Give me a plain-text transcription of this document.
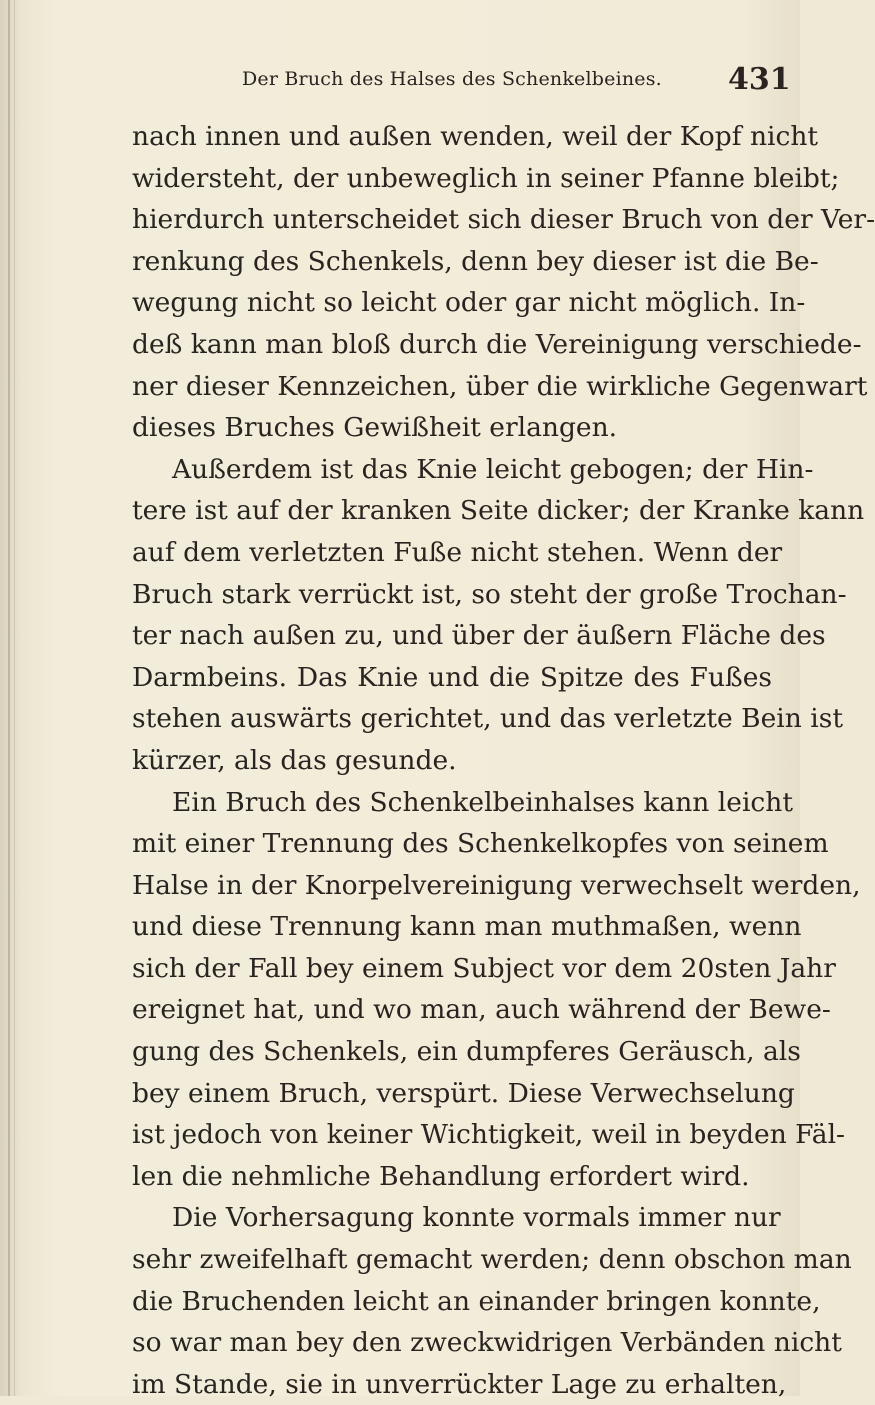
Der Bruch des Halses des Schenkelbeines.	431
nach innen und außen wenden, weil der Kopf nicht
widersteht, der unbeweglich in seiner Pfanne bleibt;
hierdurch unterscheidet sich dieser Bruch von der Ver-
renkung des Schenkels, denn bey dieser ist die Be-
wegung nicht so leicht oder gar nicht möglich. In-
deß kann man bloß durch die Vereinigung verschiede-
ner dieser Kennzeichen, über die wirkliche Gegenwart
dieses Bruches Gewißheit erlangen.
Außerdem ist das Knie leicht gebogen; der Hin-
tere ist auf der kranken Seite dicker; der Kranke kann
auf dem verletzten Fuße nicht stehen. Wenn der
Bruch stark verrückt ist, so steht der große Trochan-
ter nach außen zu, und über der äußern Fläche des
Darmbeins. Das Knie und die Spitze des Fußes
stehen auswärts gerichtet, und das verletzte Bein ist
kürzer, als das gesunde.
Ein Bruch des Schenkelbeinhalses kann leicht
mit einer Trennung des Schenkelkopfes von seinem
Halse in der Knorpelvereinigung verwechselt werden,
und diese Trennung kann man muthmaßen, wenn
sich der Fall bey einem Subject vor dem 20sten Jahr
ereignet hat, und wo man, auch während der Bewe-
gung des Schenkels, ein dumpferes Geräusch, als
bey einem Bruch, verspürt. Diese Verwechselung
ist jedoch von keiner Wichtigkeit, weil in beyden Fäl-
len die nehmliche Behandlung erfordert wird.
Die Vorhersagung konnte vormals immer nur
sehr zweifelhaft gemacht werden; denn obschon man
die Bruchenden leicht an einander bringen konnte,
so war man bey den zweckwidrigen Verbänden nicht
im Stande, sie in unverrückter Lage zu erhalten,
